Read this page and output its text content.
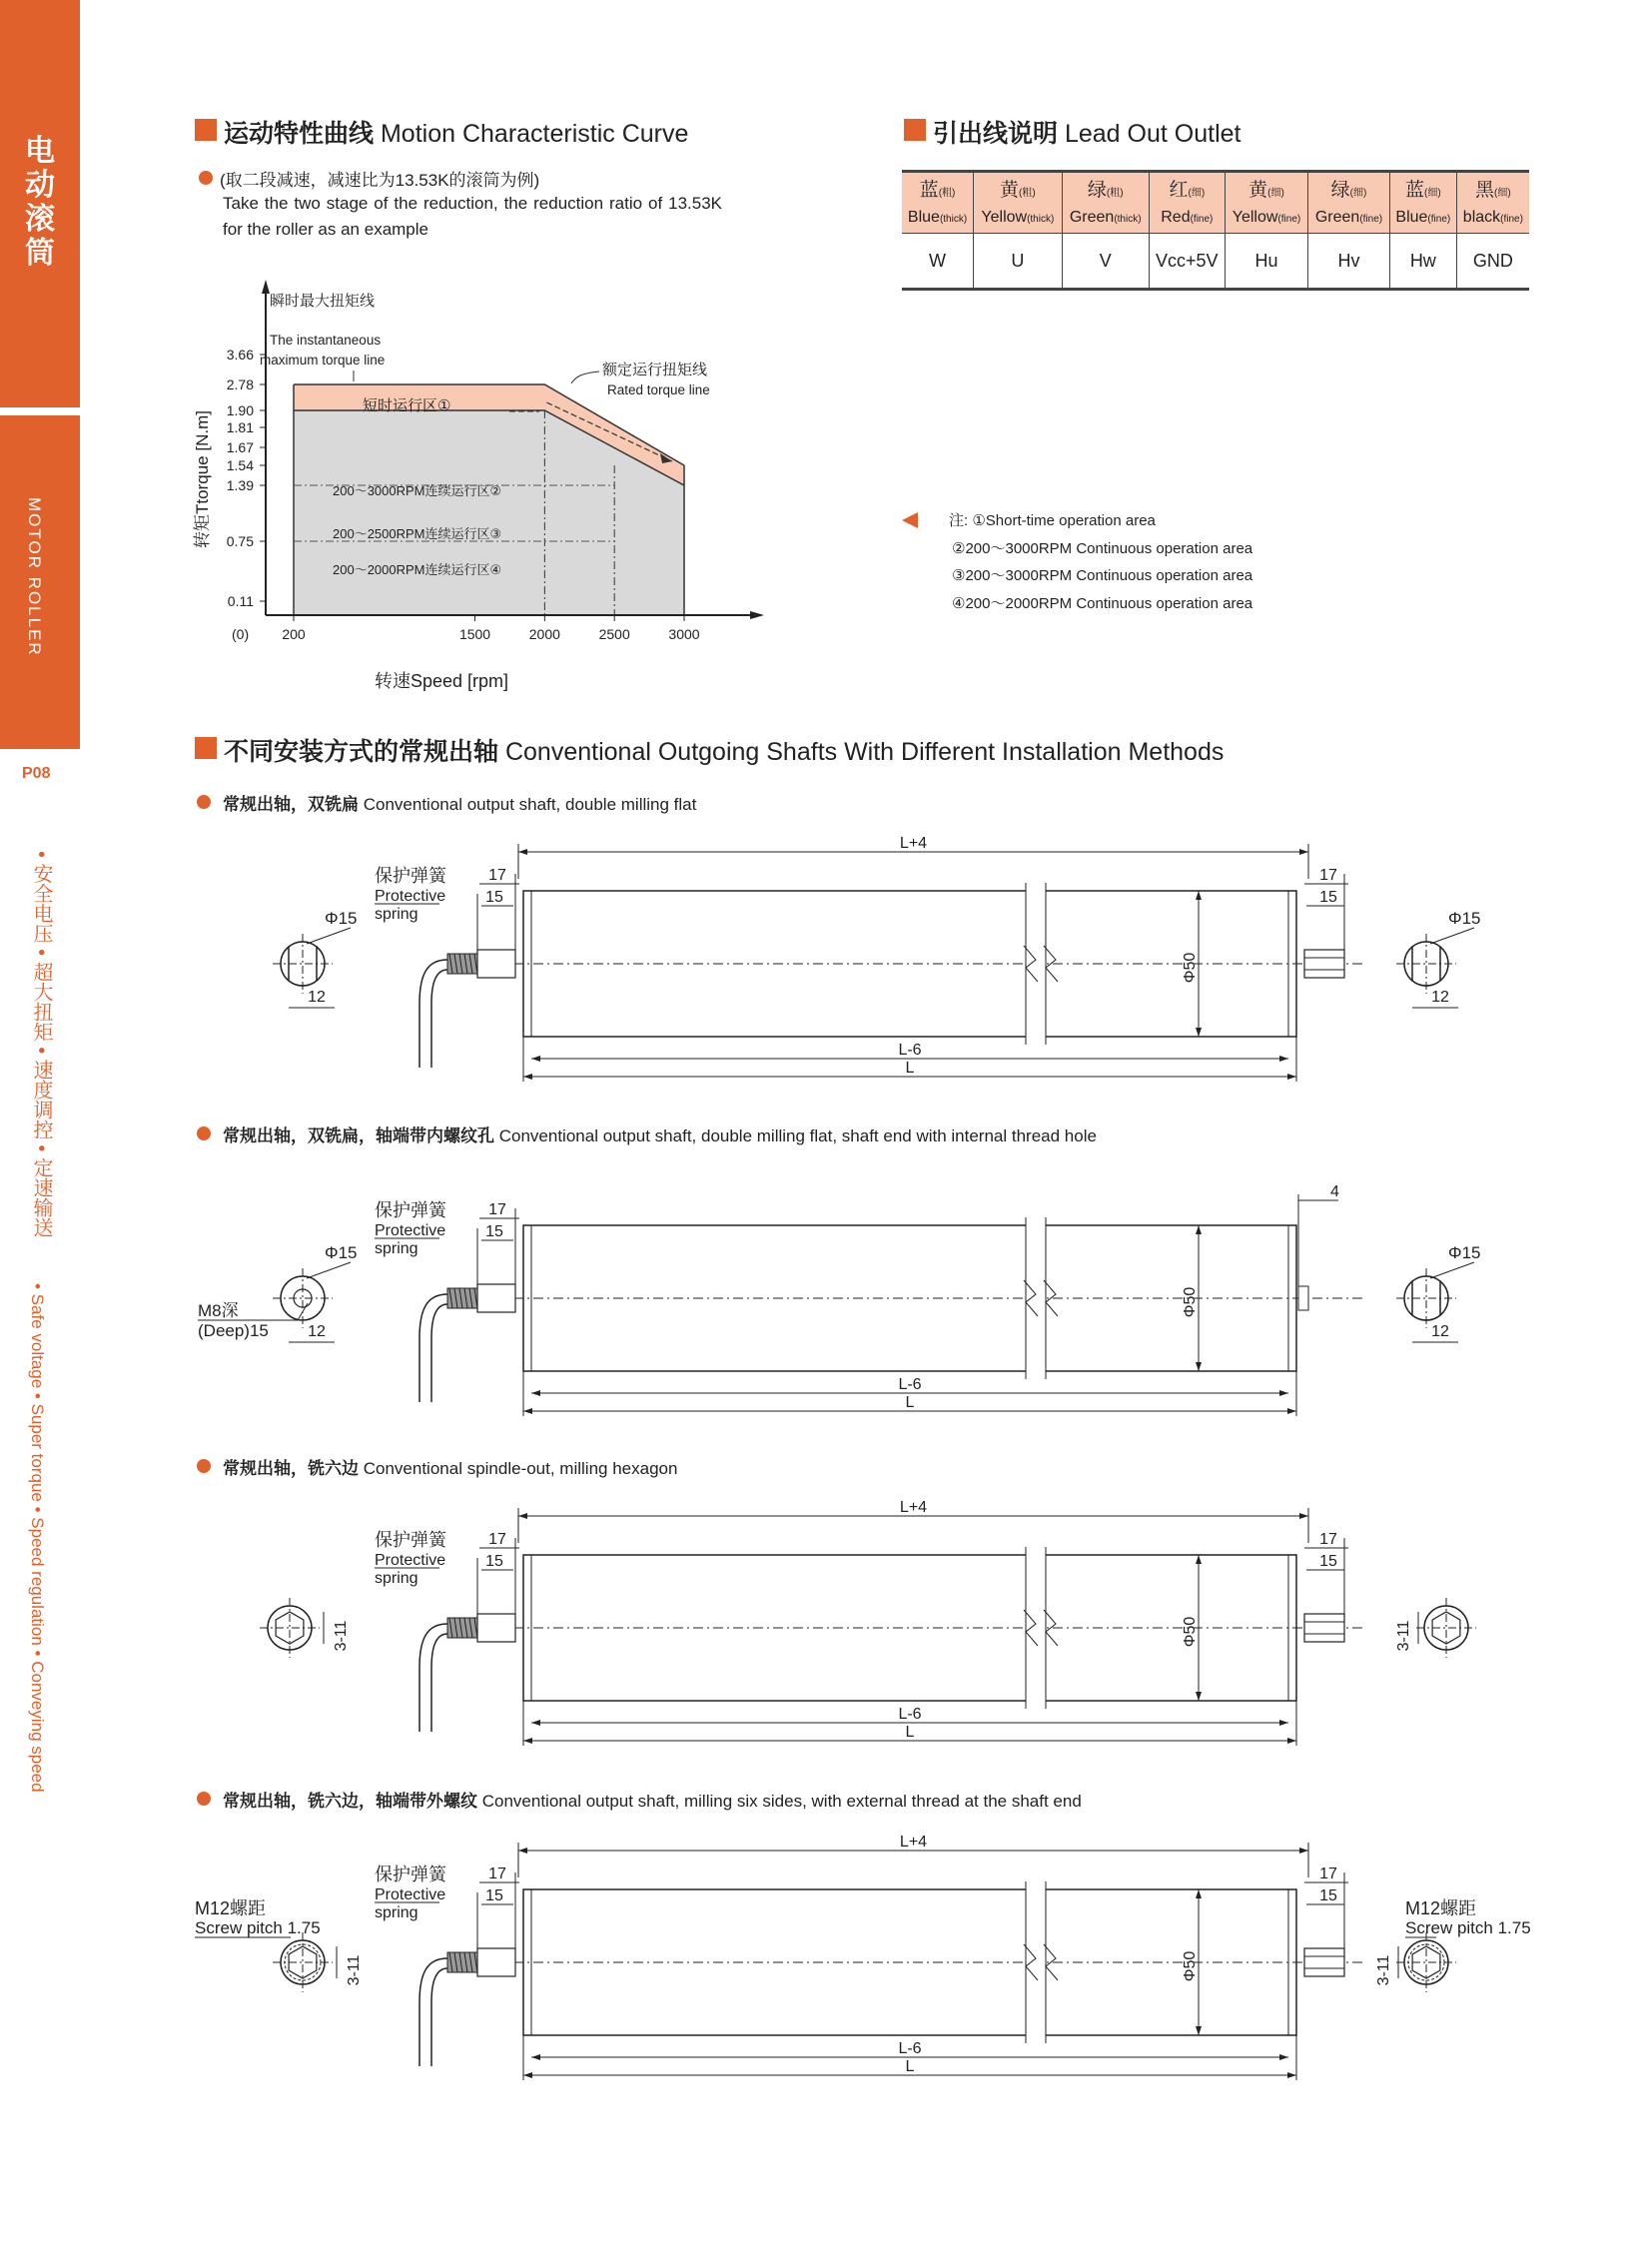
电
动
滚
筒
MOTOR ROLLER
P08
• 安全电压 • 超大扭矩 • 速度调控 • 定速输送
• Safe voltage • Super torque • Speed regulation • Conveying speed
运动特性曲线 Motion Characteristic Curve
(取二段减速，减速比为13.53K的滚筒为例)
Take the two stage of the reduction, the reduction ratio of 13.53K for the roller as an example
200	1500	2000	2500	3000
(0)
3.66
2.78
1.90
1.81
1.67
1.54
1.39
0.75
0.11
转速Speed [rpm]
转矩Ttorque [N.m]
瞬时最大扭矩线
The instantaneous
maximum torque line
额定运行扭矩线
Rated torque line
短时运行区①
200～3000RPM连续运行区②
200～2500RPM连续运行区③
200～2000RPM连续运行区④
引出线说明 Lead Out Outlet
蓝(粗)	黄(粗)	绿(粗)	红(细)	黄(细)	绿(细)	蓝(细)	黑(细)
Blue(thick)	Yellow(thick)	Green(thick)	Red(fine)	Yellow(fine)	Green(fine)	Blue(fine)	black(fine)
W	U	V	Vcc+5V	Hu	Hv	Hw	GND
注: ①Short-time operation area
②200～3000RPM Continuous operation area
③200～3000RPM Continuous operation area
④200～2000RPM Continuous operation area
不同安装方式的常规出轴 Conventional Outgoing Shafts With Different Installation Methods
常规出轴，双铣扁 Conventional output shaft, double milling flat
常规出轴，双铣扁，轴端带内螺纹孔 Conventional output shaft, double milling flat, shaft end with internal thread hole
常规出轴，铣六边 Conventional spindle-out, milling hexagon
常规出轴，铣六边，轴端带外螺纹 Conventional output shaft, milling six sides, with external thread at the shaft end
保护弹簧
Protective
spring
17
15
17
15
L+4
L-6
L
Φ50
Φ15	Φ15
12	12
保护弹簧
Protective
spring
17
15
4
L-6
L
Φ50
Φ15	Φ15
12	12
M8深
(Deep)15
保护弹簧
Protective
spring
17
15
17
15
L+4
L-6
L
Φ50
3-11	3-11
保护弹簧
Protective
spring
17
15
17
15
L+4
L-6
L
Φ50
3-11	3-11
M12螺距
Screw pitch 1.75
M12螺距
Screw pitch 1.75
